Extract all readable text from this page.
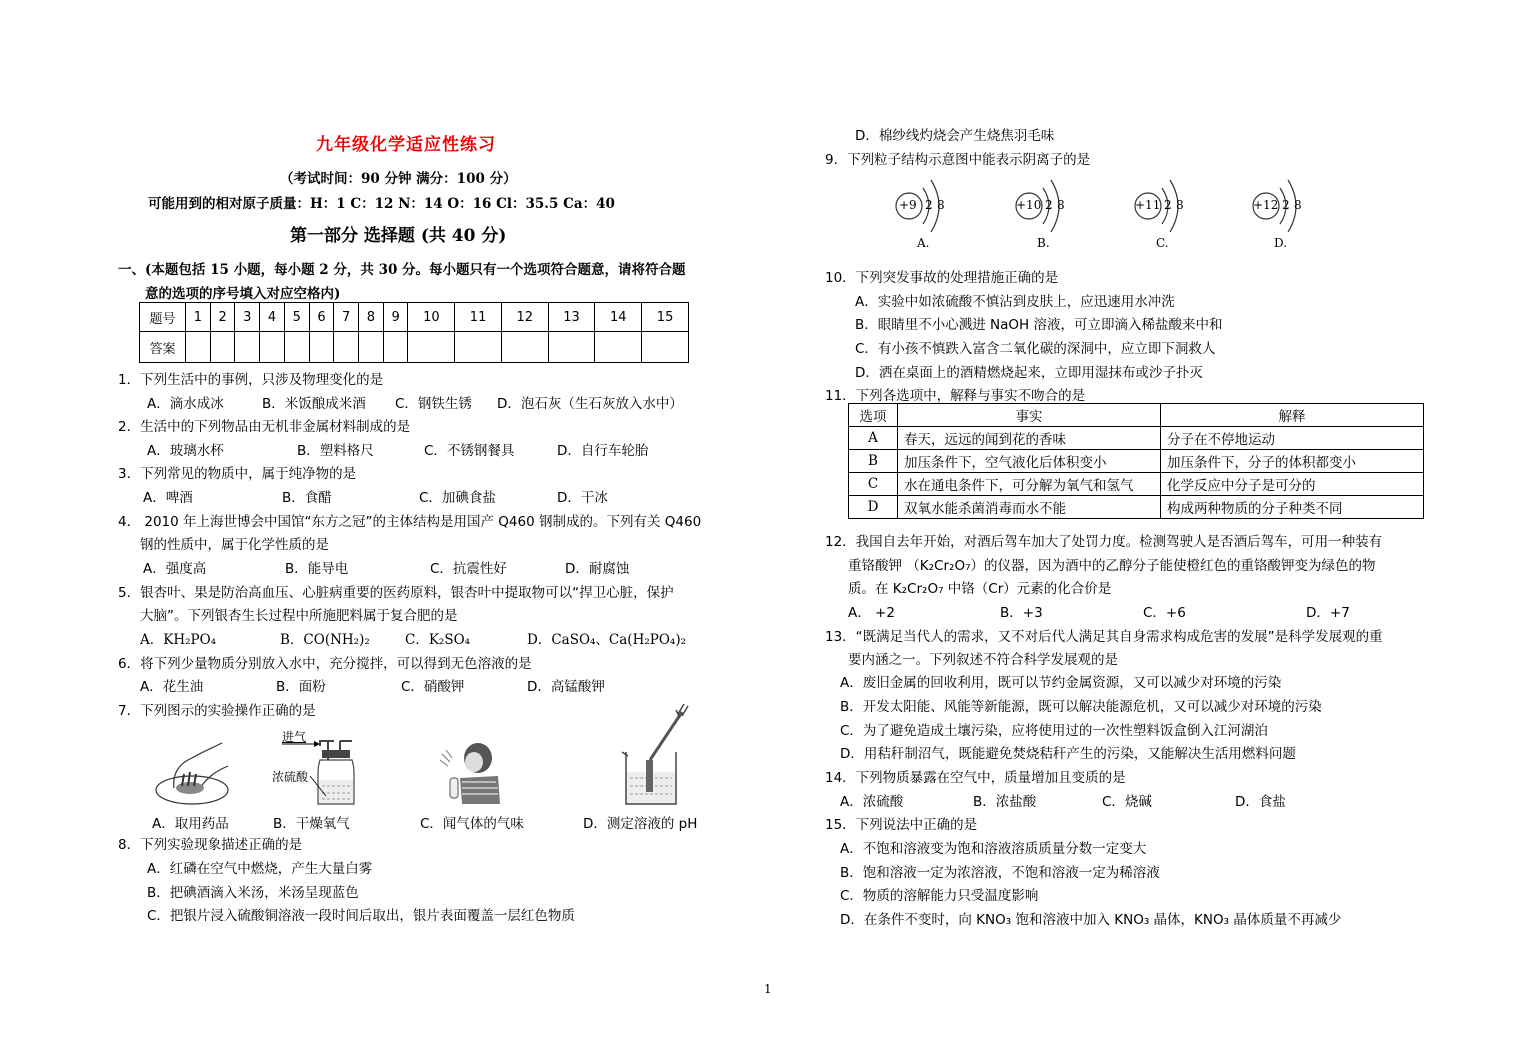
九年级化学适应性练习
（考试时间：90 分钟 满分：100 分）
可能用到的相对原子质量：H：1 C：12 N：14 O：16 Cl：35.5 Ca：40
第一部分 选择题 (共 40 分)
一、(本题包括 15 小题，每小题 2 分，共 30 分。每小题只有一个选项符合题意，请将符合题
意的选项的序号填入对应空格内)
题号	1	2	3	4	5	6	7	8	9	10	11	12	13	14	15
答案															
1．下列生活中的事例，只涉及物理变化的是
A．滴水成冰	B．米饭酿成米酒 C．钢铁生锈 D．泡石灰（生石灰放入水中）
2．生活中的下列物品由无机非金属材料制成的是
A．玻璃水杯	B．塑料格尺	C．不锈钢餐具	D．自行车轮胎
3．下列常见的物质中，属于纯净物的是
A．啤酒	B．食醋	C．加碘食盐	D．干冰
4． 2010 年上海世博会中国馆“东方之冠”的主体结构是用国产 Q460 钢制成的。下列有关 Q460
钢的性质中，属于化学性质的是
A．强度高	B．能导电	C．抗震性好	D．耐腐蚀
5．银杏叶、果是防治高血压、心脏病重要的医药原料，银杏叶中提取物可以“捍卫心脏，保护
大脑”。下列银杏生长过程中所施肥料属于复合肥的是
A．KH₂PO₄	B．CO(NH₂)₂	C．K₂SO₄	D．CaSO₄、Ca(H₂PO₄)₂
6．将下列少量物质分别放入水中，充分搅拌，可以得到无色溶液的是
A．花生油	B．面粉	C．硝酸钾	D．高锰酸钾
7．下列图示的实验操作正确的是
进气
浓硫酸
A．取用药品	B．干燥氧气	C．闻气体的气味	D．测定溶液的 pH
8．下列实验现象描述正确的是
A．红磷在空气中燃烧，产生大量白雾
B．把碘酒滴入米汤，米汤呈现蓝色
C．把银片浸入硫酸铜溶液一段时间后取出，银片表面覆盖一层红色物质
D．棉纱线灼烧会产生烧焦羽毛味
9．下列粒子结构示意图中能表示阴离子的是
+9 2 8
A.
+10 2 8
B.
+11 2 8
C.
+12 2 8
D.
10．下列突发事故的处理措施正确的是
A．实验中如浓硫酸不慎沾到皮肤上，应迅速用水冲洗
B．眼睛里不小心溅进 NaOH 溶液，可立即滴入稀盐酸来中和
C．有小孩不慎跌入富含二氧化碳的深洞中，应立即下洞救人
D．洒在桌面上的酒精燃烧起来，立即用湿抹布或沙子扑灭
11．下列各选项中，解释与事实不吻合的是
选项	事实	解释
A	春天，远远的闻到花的香味	分子在不停地运动
B	加压条件下，空气液化后体积变小	加压条件下，分子的体积都变小
C	水在通电条件下，可分解为氧气和氢气	化学反应中分子是可分的
D	双氧水能杀菌消毒而水不能	构成两种物质的分子种类不同
12．我国自去年开始，对酒后驾车加大了处罚力度。检测驾驶人是否酒后驾车，可用一种装有
重铬酸钾 （K₂Cr₂O₇）的仪器，因为酒中的乙醇分子能使橙红色的重铬酸钾变为绿色的物
质。在 K₂Cr₂O₇ 中铬（Cr）元素的化合价是
A． +2	B．+3	C．+6	D．+7
13．“既满足当代人的需求，又不对后代人满足其自身需求构成危害的发展”是科学发展观的重
要内涵之一。下列叙述不符合科学发展观的是
A．废旧金属的回收利用，既可以节约金属资源，又可以减少对环境的污染
B．开发太阳能、风能等新能源，既可以解决能源危机，又可以减少对环境的污染
C．为了避免造成土壤污染，应将使用过的一次性塑料饭盒倒入江河湖泊
D．用秸秆制沼气，既能避免焚烧秸秆产生的污染，又能解决生活用燃料问题
14．下列物质暴露在空气中，质量增加且变质的是
A．浓硫酸	B．浓盐酸	C．烧碱	D．食盐
15．下列说法中正确的是
A．不饱和溶液变为饱和溶液溶质质量分数一定变大
B．饱和溶液一定为浓溶液，不饱和溶液一定为稀溶液
C．物质的溶解能力只受温度影响
D．在条件不变时，向 KNO₃ 饱和溶液中加入 KNO₃ 晶体，KNO₃ 晶体质量不再减少
1
